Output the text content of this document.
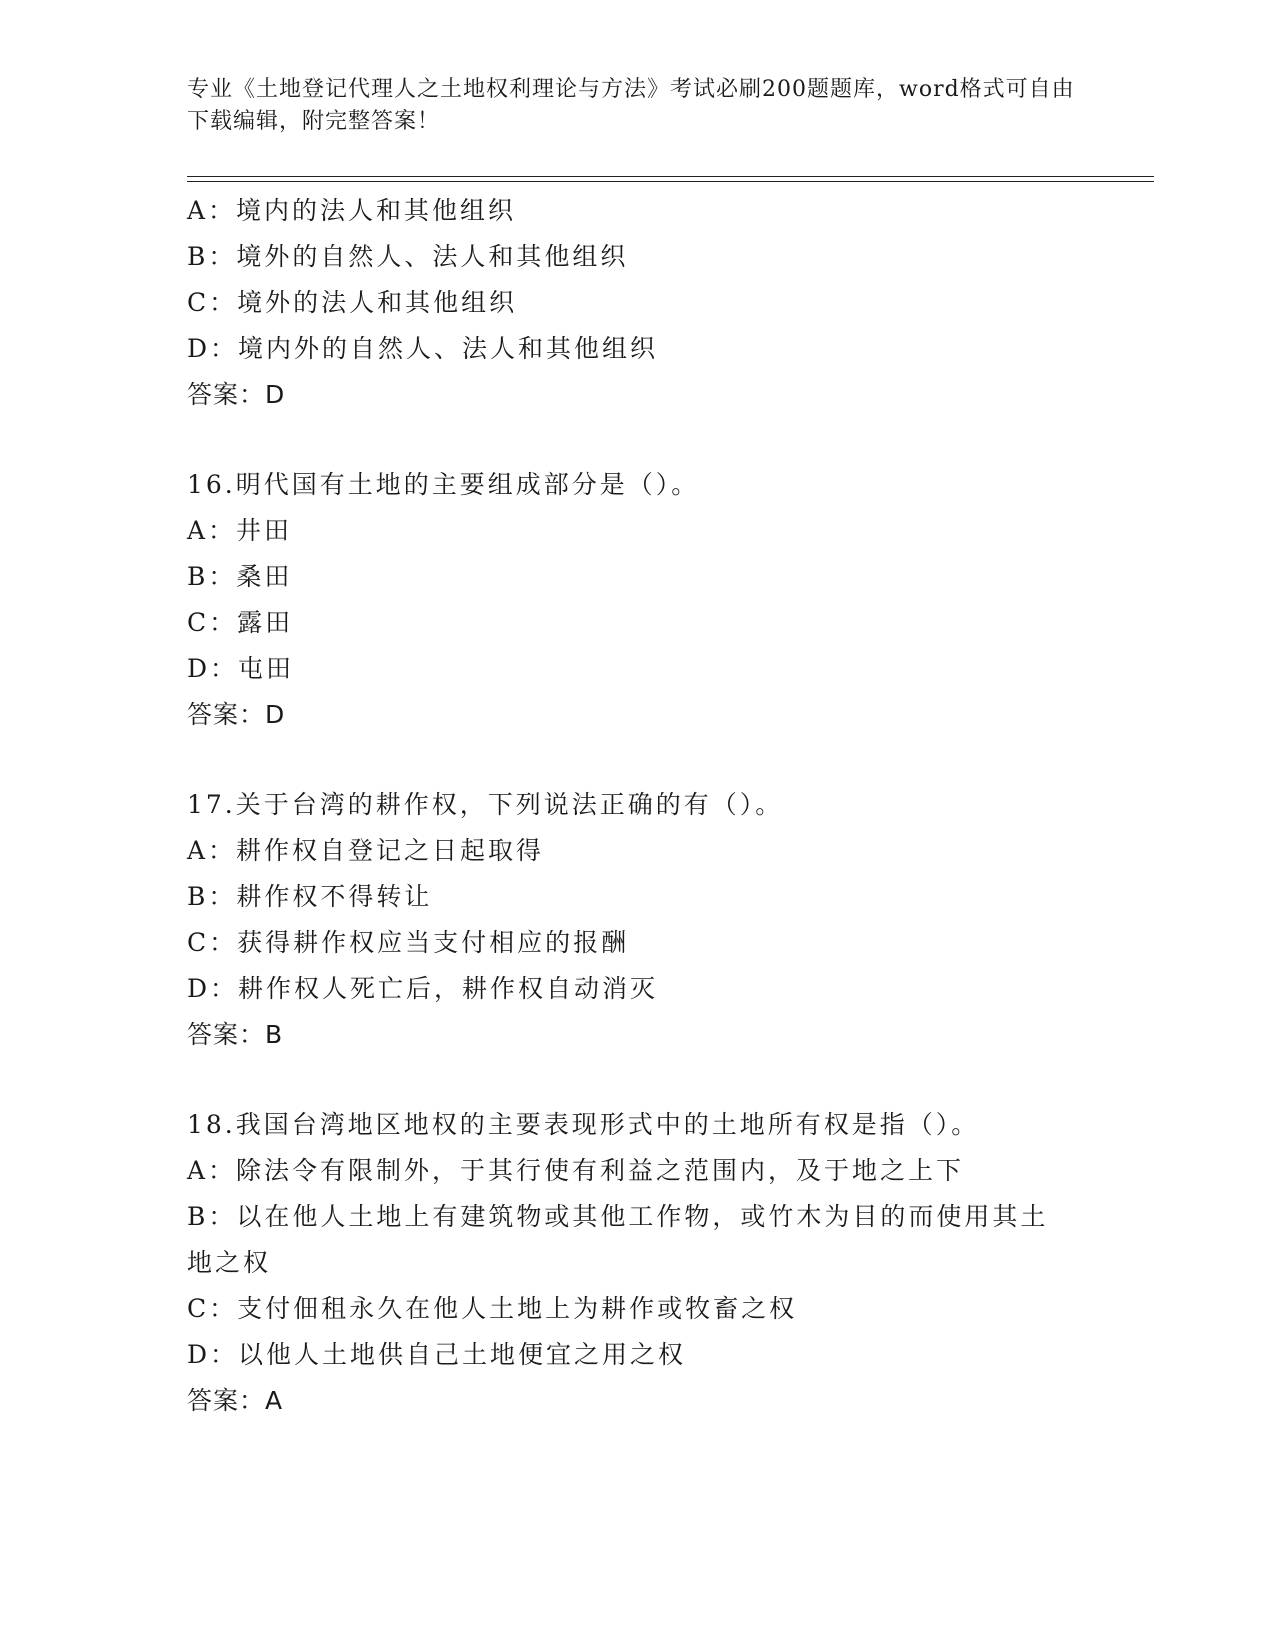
专业《土地登记代理人之土地权利理论与方法》考试必刷200题题库，word格式可自由下载编辑，附完整答案！
A：境内的法人和其他组织
B：境外的自然人、法人和其他组织
C：境外的法人和其他组织
D：境内外的自然人、法人和其他组织
答案：D
16.明代国有土地的主要组成部分是（）。
A：井田
B：桑田
C：露田
D：屯田
答案：D
17.关于台湾的耕作权，下列说法正确的有（）。
A：耕作权自登记之日起取得
B：耕作权不得转让
C：获得耕作权应当支付相应的报酬
D：耕作权人死亡后，耕作权自动消灭
答案：B
18.我国台湾地区地权的主要表现形式中的土地所有权是指（）。
A：除法令有限制外，于其行使有利益之范围内，及于地之上下
B：以在他人土地上有建筑物或其他工作物，或竹木为目的而使用其土地之权
C：支付佃租永久在他人土地上为耕作或牧畜之权
D：以他人土地供自己土地便宜之用之权
答案：A
